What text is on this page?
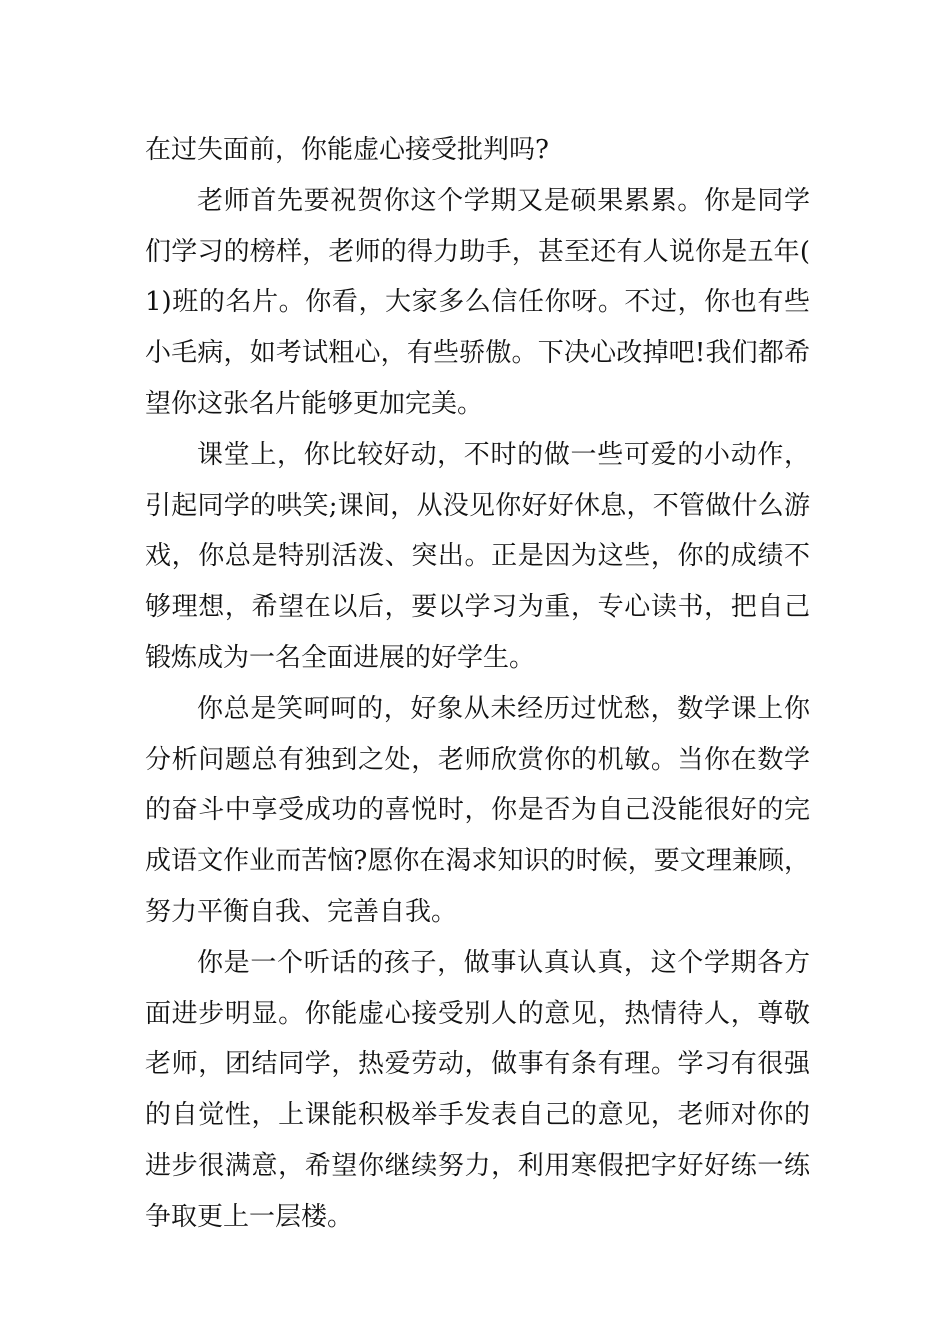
在过失面前，你能虚心接受批判吗?

老师首先要祝贺你这个学期又是硕果累累。你是同学们学习的榜样，老师的得力助手，甚至还有人说你是五年(1)班的名片。你看，大家多么信任你呀。不过，你也有些小毛病，如考试粗心，有些骄傲。下决心改掉吧!我们都希望你这张名片能够更加完美。

课堂上，你比较好动，不时的做一些可爱的小动作，引起同学的哄笑;课间，从没见你好好休息，不管做什么游戏，你总是特别活泼、突出。正是因为这些，你的成绩不够理想，希望在以后，要以学习为重，专心读书，把自己锻炼成为一名全面进展的好学生。

你总是笑呵呵的，好象从未经历过忧愁，数学课上你分析问题总有独到之处，老师欣赏你的机敏。当你在数学的奋斗中享受成功的喜悦时，你是否为自己没能很好的完成语文作业而苦恼?愿你在渴求知识的时候，要文理兼顾，努力平衡自我、完善自我。

你是一个听话的孩子，做事认真认真，这个学期各方面进步明显。你能虚心接受别人的意见，热情待人，尊敬老师，团结同学，热爱劳动，做事有条有理。学习有很强的自觉性，上课能积极举手发表自己的意见，老师对你的进步很满意，希望你继续努力，利用寒假把字好好练一练争取更上一层楼。
